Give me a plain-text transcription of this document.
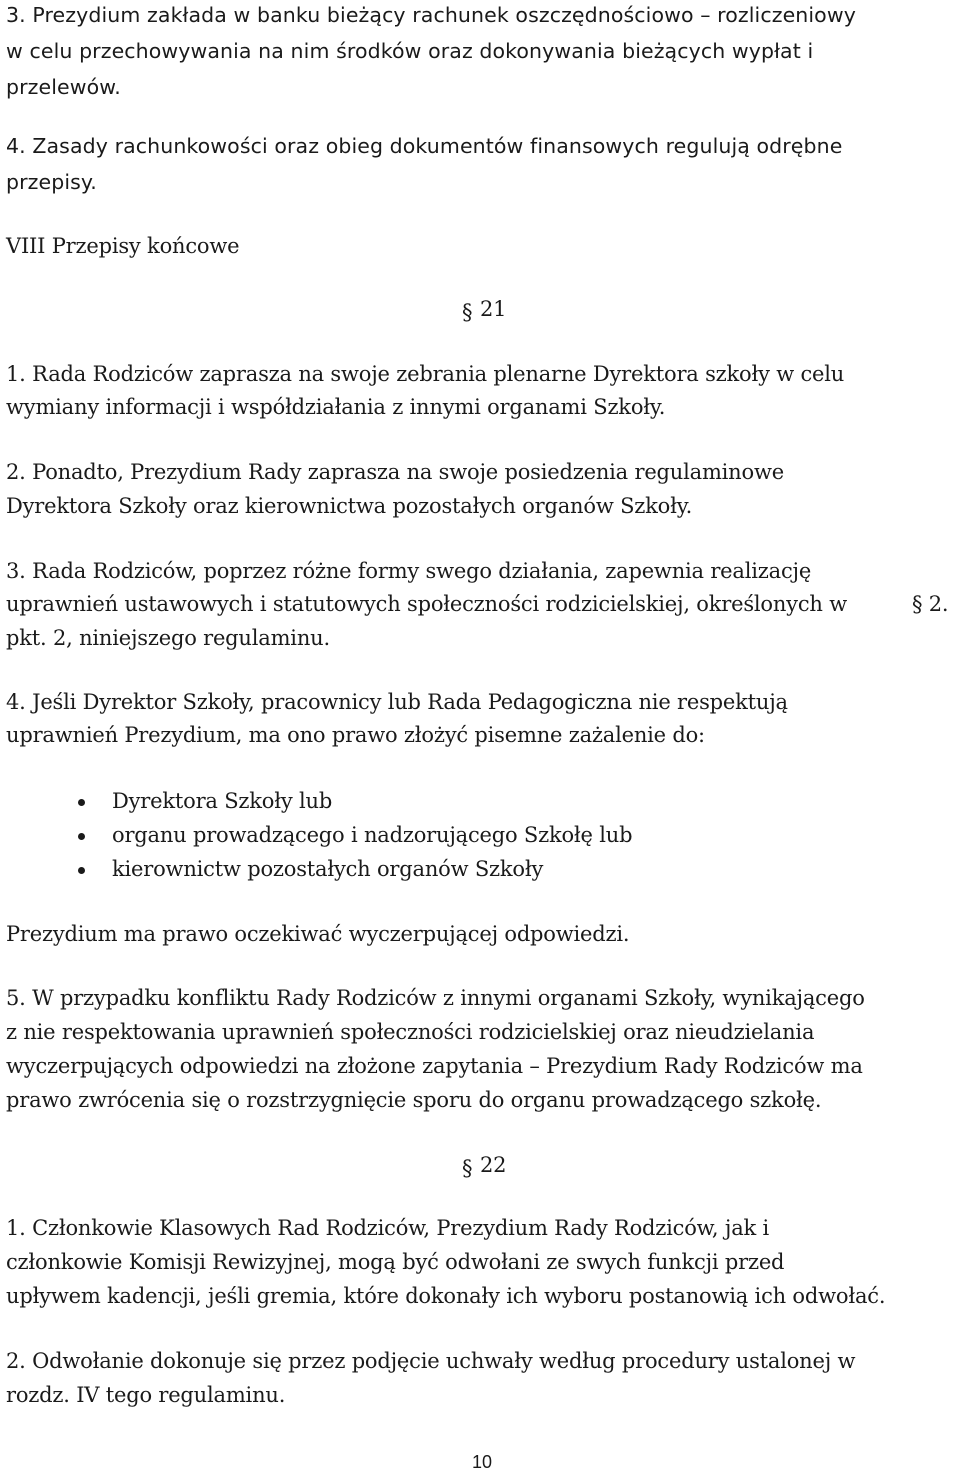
3. Prezydium zakłada w banku bieżący rachunek oszczędnościowo – rozliczeniowy
w celu przechowywania na nim środków oraz dokonywania bieżących wypłat i
przelewów.
4. Zasady rachunkowości oraz obieg dokumentów finansowych regulują odrębne
przepisy.
VIII Przepisy końcowe
§ 21
1. Rada Rodziców zaprasza na swoje zebrania plenarne Dyrektora szkoły w celu
wymiany informacji i współdziałania z innymi organami Szkoły.
2. Ponadto, Prezydium Rady zaprasza na swoje posiedzenia regulaminowe
Dyrektora Szkoły oraz kierownictwa pozostałych organów Szkoły.
3. Rada Rodziców, poprzez różne formy swego działania, zapewnia realizację
uprawnień ustawowych i statutowych społeczności rodzicielskiej, określonych w	§ 2.
pkt. 2, niniejszego regulaminu.
4. Jeśli Dyrektor Szkoły, pracownicy lub Rada Pedagogiczna nie respektują
uprawnień Prezydium, ma ono prawo złożyć pisemne zażalenie do:
Dyrektora Szkoły lub
organu prowadzącego i nadzorującego Szkołę lub
kierownictw pozostałych organów Szkoły
Prezydium ma prawo oczekiwać wyczerpującej odpowiedzi.
5. W przypadku konfliktu Rady Rodziców z innymi organami Szkoły, wynikającego
z nie respektowania uprawnień społeczności rodzicielskiej oraz nieudzielania
wyczerpujących odpowiedzi na złożone zapytania – Prezydium Rady Rodziców ma
prawo zwrócenia się o rozstrzygnięcie sporu do organu prowadzącego szkołę.
§ 22
1. Członkowie Klasowych Rad Rodziców, Prezydium Rady Rodziców, jak i
członkowie Komisji Rewizyjnej, mogą być odwołani ze swych funkcji przed
upływem kadencji, jeśli gremia, które dokonały ich wyboru postanowią ich odwołać.
2. Odwołanie dokonuje się przez podjęcie uchwały według procedury ustalonej w
rozdz. IV tego regulaminu.
10
